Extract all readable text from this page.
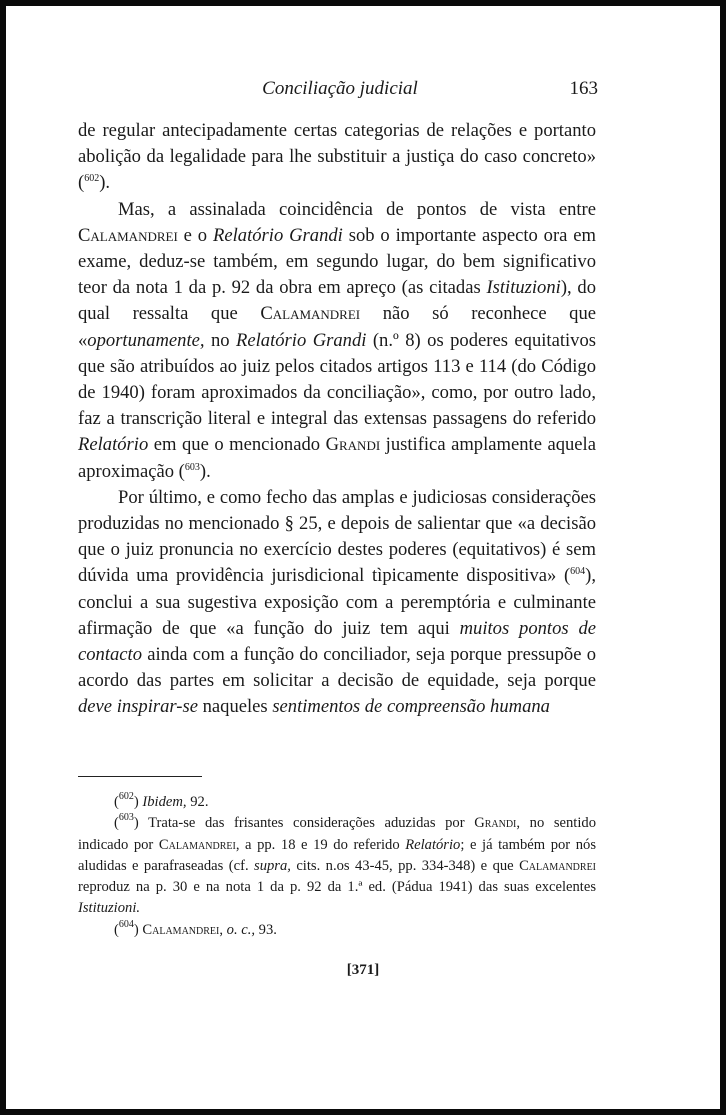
Conciliação judicial	163

de regular antecipadamente certas categorias de relações e portanto abolição da legalidade para lhe substituir a justiça do caso concreto» ($^{602}$).

Mas, a assinalada coincidência de pontos de vista entre Calamandrei e o Relatório Grandi sob o importante aspecto ora em exame, deduz-se também, em segundo lugar, do bem significativo teor da nota 1 da p. 92 da obra em apreço (as citadas Istituzioni), do qual ressalta que Calamandrei não só reconhece que «oportunamente, no Relatório Grandi (n.º 8) os poderes equitativos que são atribuídos ao juiz pelos citados artigos 113 e 114 (do Código de 1940) foram aproximados da conciliação», como, por outro lado, faz a transcrição literal e integral das extensas passagens do referido Relatório em que o mencionado Grandi justifica amplamente aquela aproximação ($^{603}$).

Por último, e como fecho das amplas e judiciosas considerações produzidas no mencionado § 25, e depois de salientar que «a decisão que o juiz pronuncia no exercício destes poderes (equitativos) é sem dúvida uma providência jurisdicional tìpicamente dispositiva» ($^{604}$), conclui a sua sugestiva exposição com a peremptória e culminante afirmação de que «a função do juiz tem aqui muitos pontos de contacto ainda com a função do conciliador, seja porque pressupõe o acordo das partes em solicitar a decisão de equidade, seja porque deve inspirar-se naqueles sentimentos de compreensão humana

($^{602}$) Ibidem, 92.

($^{603}$) Trata-se das frisantes considerações aduzidas por Grandi, no sentido indicado por Calamandrei, a pp. 18 e 19 do referido Relatório; e já também por nós aludidas e parafraseadas (cf. supra, cits. n.os 43-45, pp. 334-348) e que Calamandrei reproduz na p. 30 e na nota 1 da p. 92 da 1.ª ed. (Pádua 1941) das suas excelentes Istituzioni.

($^{604}$) Calamandrei, o. c., 93.

[371]
